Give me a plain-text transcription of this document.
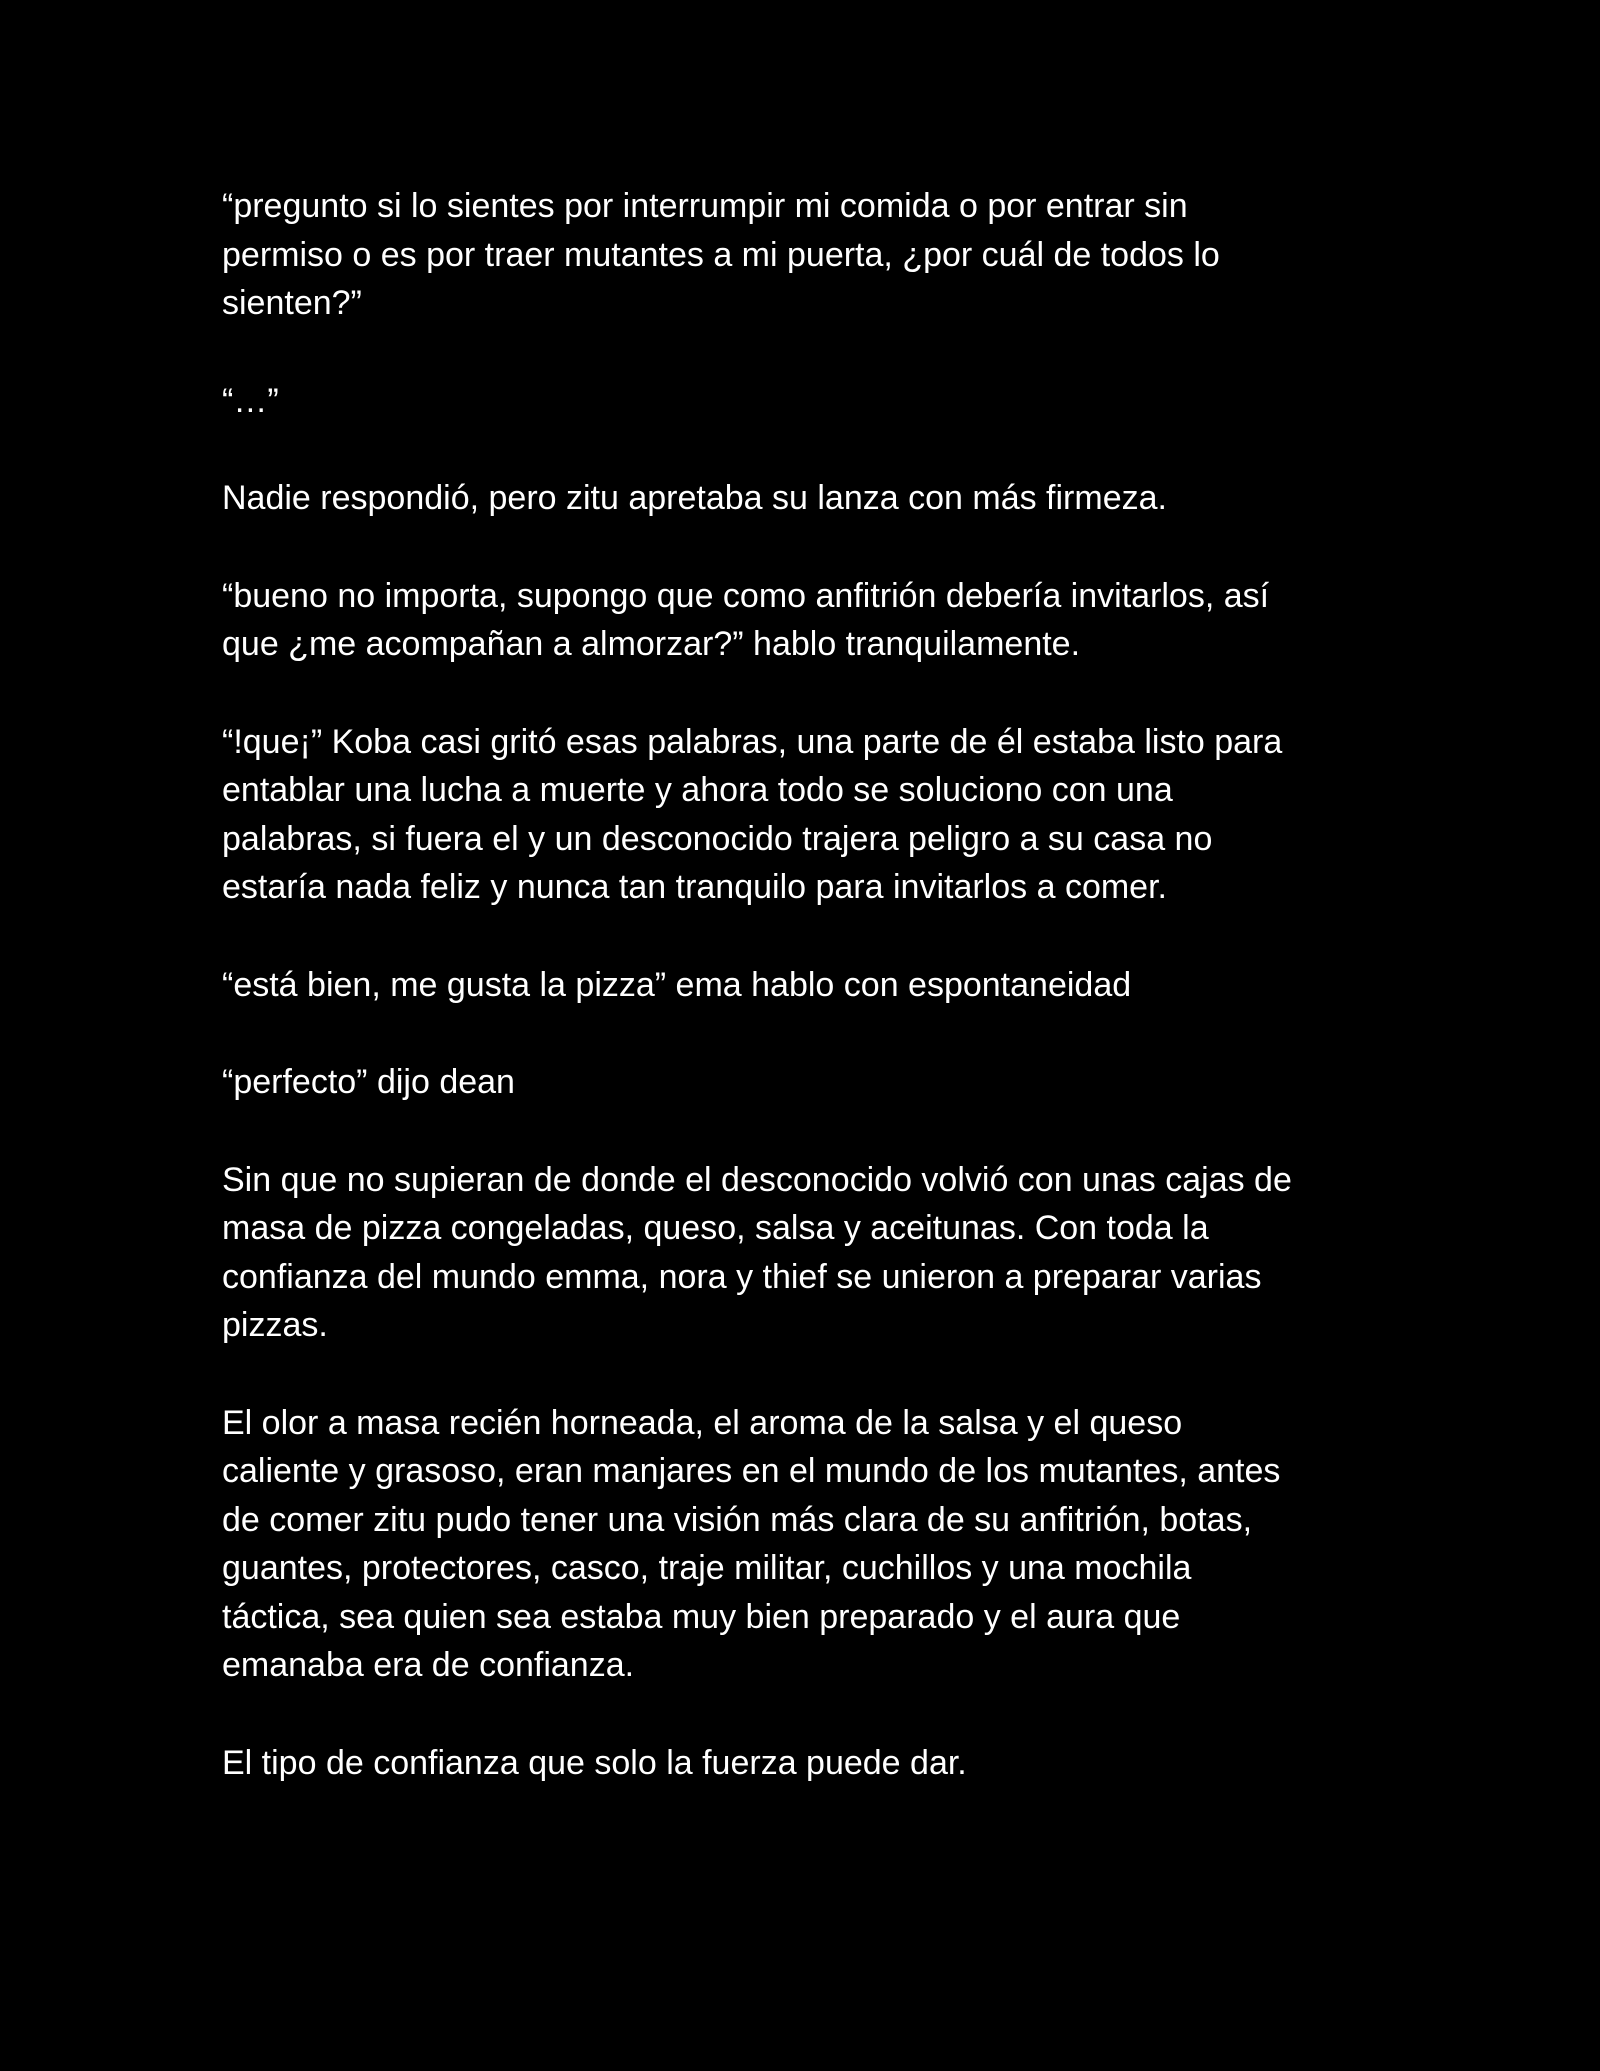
“pregunto si lo sientes por interrumpir mi comida o por entrar sin
permiso o es por traer mutantes a mi puerta, ¿por cuál de todos lo
sienten?”

“…”

Nadie respondió, pero zitu apretaba su lanza con más firmeza.

“bueno no importa, supongo que como anfitrión debería invitarlos, así
que ¿me acompañan a almorzar?” hablo tranquilamente.

“!que¡” Koba casi gritó esas palabras, una parte de él estaba listo para
entablar una lucha a muerte y ahora todo se soluciono con una
palabras, si fuera el y un desconocido trajera peligro a su casa no
estaría nada feliz y nunca tan tranquilo para invitarlos a comer.

“está bien, me gusta la pizza” ema hablo con espontaneidad

“perfecto” dijo dean

Sin que no supieran de donde el desconocido volvió con unas cajas de
masa de pizza congeladas, queso, salsa y aceitunas. Con toda la
confianza del mundo emma, nora y thief se unieron a preparar varias
pizzas.

El olor a masa recién horneada, el aroma de la salsa y el queso
caliente y grasoso, eran manjares en el mundo de los mutantes, antes
de comer zitu pudo tener una visión más clara de su anfitrión, botas,
guantes, protectores, casco, traje militar, cuchillos y una mochila
táctica, sea quien sea estaba muy bien preparado y el aura que
emanaba era de confianza.

El tipo de confianza que solo la fuerza puede dar.
